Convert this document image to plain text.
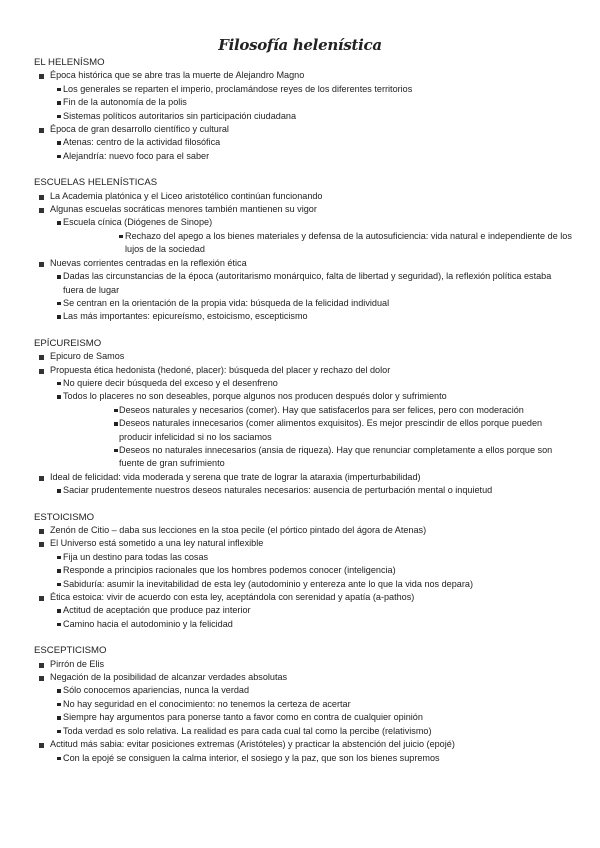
Filosofía helenística
EL HELENÍSMO
Época histórica que se abre tras la muerte de Alejandro Magno
Los generales se reparten el imperio, proclamándose reyes de los diferentes territorios
Fin de la autonomía de la polis
Sistemas políticos autoritarios sin participación ciudadana
Época de gran desarrollo científico y cultural
Atenas: centro de la actividad filosófica
Alejandría: nuevo foco para el saber
ESCUELAS HELENÍSTICAS
La Academia platónica y el Liceo aristotélico continúan funcionando
Algunas escuelas socráticas menores también mantienen su vigor
Escuela cínica (Diógenes de Sinope)
Rechazo del apego a los bienes materiales y defensa de la autosuficiencia: vida natural e independiente de los lujos de la sociedad
Nuevas corrientes centradas en la reflexión ética
Dadas las circunstancias de la época (autoritarismo monárquico, falta de libertad y seguridad), la reflexión política estaba fuera de lugar
Se centran en la orientación de la propia vida: búsqueda de la felicidad individual
Las más importantes: epicureísmo, estoicismo, escepticismo
EPÍCUREISMO
Epicuro de Samos
Propuesta ética hedonista (hedoné, placer): búsqueda del placer y rechazo del dolor
No quiere decir búsqueda del exceso y el desenfreno
Todos lo placeres no son deseables, porque algunos nos producen después dolor y sufrimiento
Deseos naturales y necesarios (comer). Hay que satisfacerlos para ser felices, pero con moderación
Deseos naturales innecesarios (comer alimentos exquisitos). Es mejor prescindir de ellos porque pueden producir infelicidad si no los saciamos
Deseos no naturales innecesarios (ansia de riqueza). Hay que renunciar completamente a ellos porque son fuente de gran sufrimiento
Ideal de felicidad: vida moderada y serena que trate de lograr la ataraxia (imperturbabilidad)
Saciar prudentemente nuestros deseos naturales necesarios: ausencia de perturbación mental o inquietud
ESTOICISMO
Zenón de Citio – daba sus lecciones en la stoa pecile (el pórtico pintado del ágora de Atenas)
El Universo está sometido a una ley natural inflexible
Fija un destino para todas las cosas
Responde a principios racionales que los hombres podemos conocer (inteligencia)
Sabiduría: asumir la inevitabilidad de esta ley (autodominio y entereza ante lo que la vida nos depara)
Ética estoica: vivir de acuerdo con esta ley, aceptándola con serenidad y apatía (a-pathos)
Actitud de aceptación que produce paz interior
Camino hacia el autodominio y la felicidad
ESCEPTICISMO
Pirrón de Elis
Negación de la posibilidad de alcanzar verdades absolutas
Sólo conocemos apariencias, nunca la verdad
No hay seguridad en el conocimiento: no tenemos la certeza de acertar
Siempre hay argumentos para ponerse tanto a favor como en contra de cualquier opinión
Toda verdad es solo relativa. La realidad es para cada cual tal como la percibe (relativismo)
Actitud más sabia: evitar posiciones extremas (Aristóteles) y practicar la abstención del juicio (epojé)
Con la epojé se consiguen la calma interior, el sosiego y la paz, que son los bienes supremos
